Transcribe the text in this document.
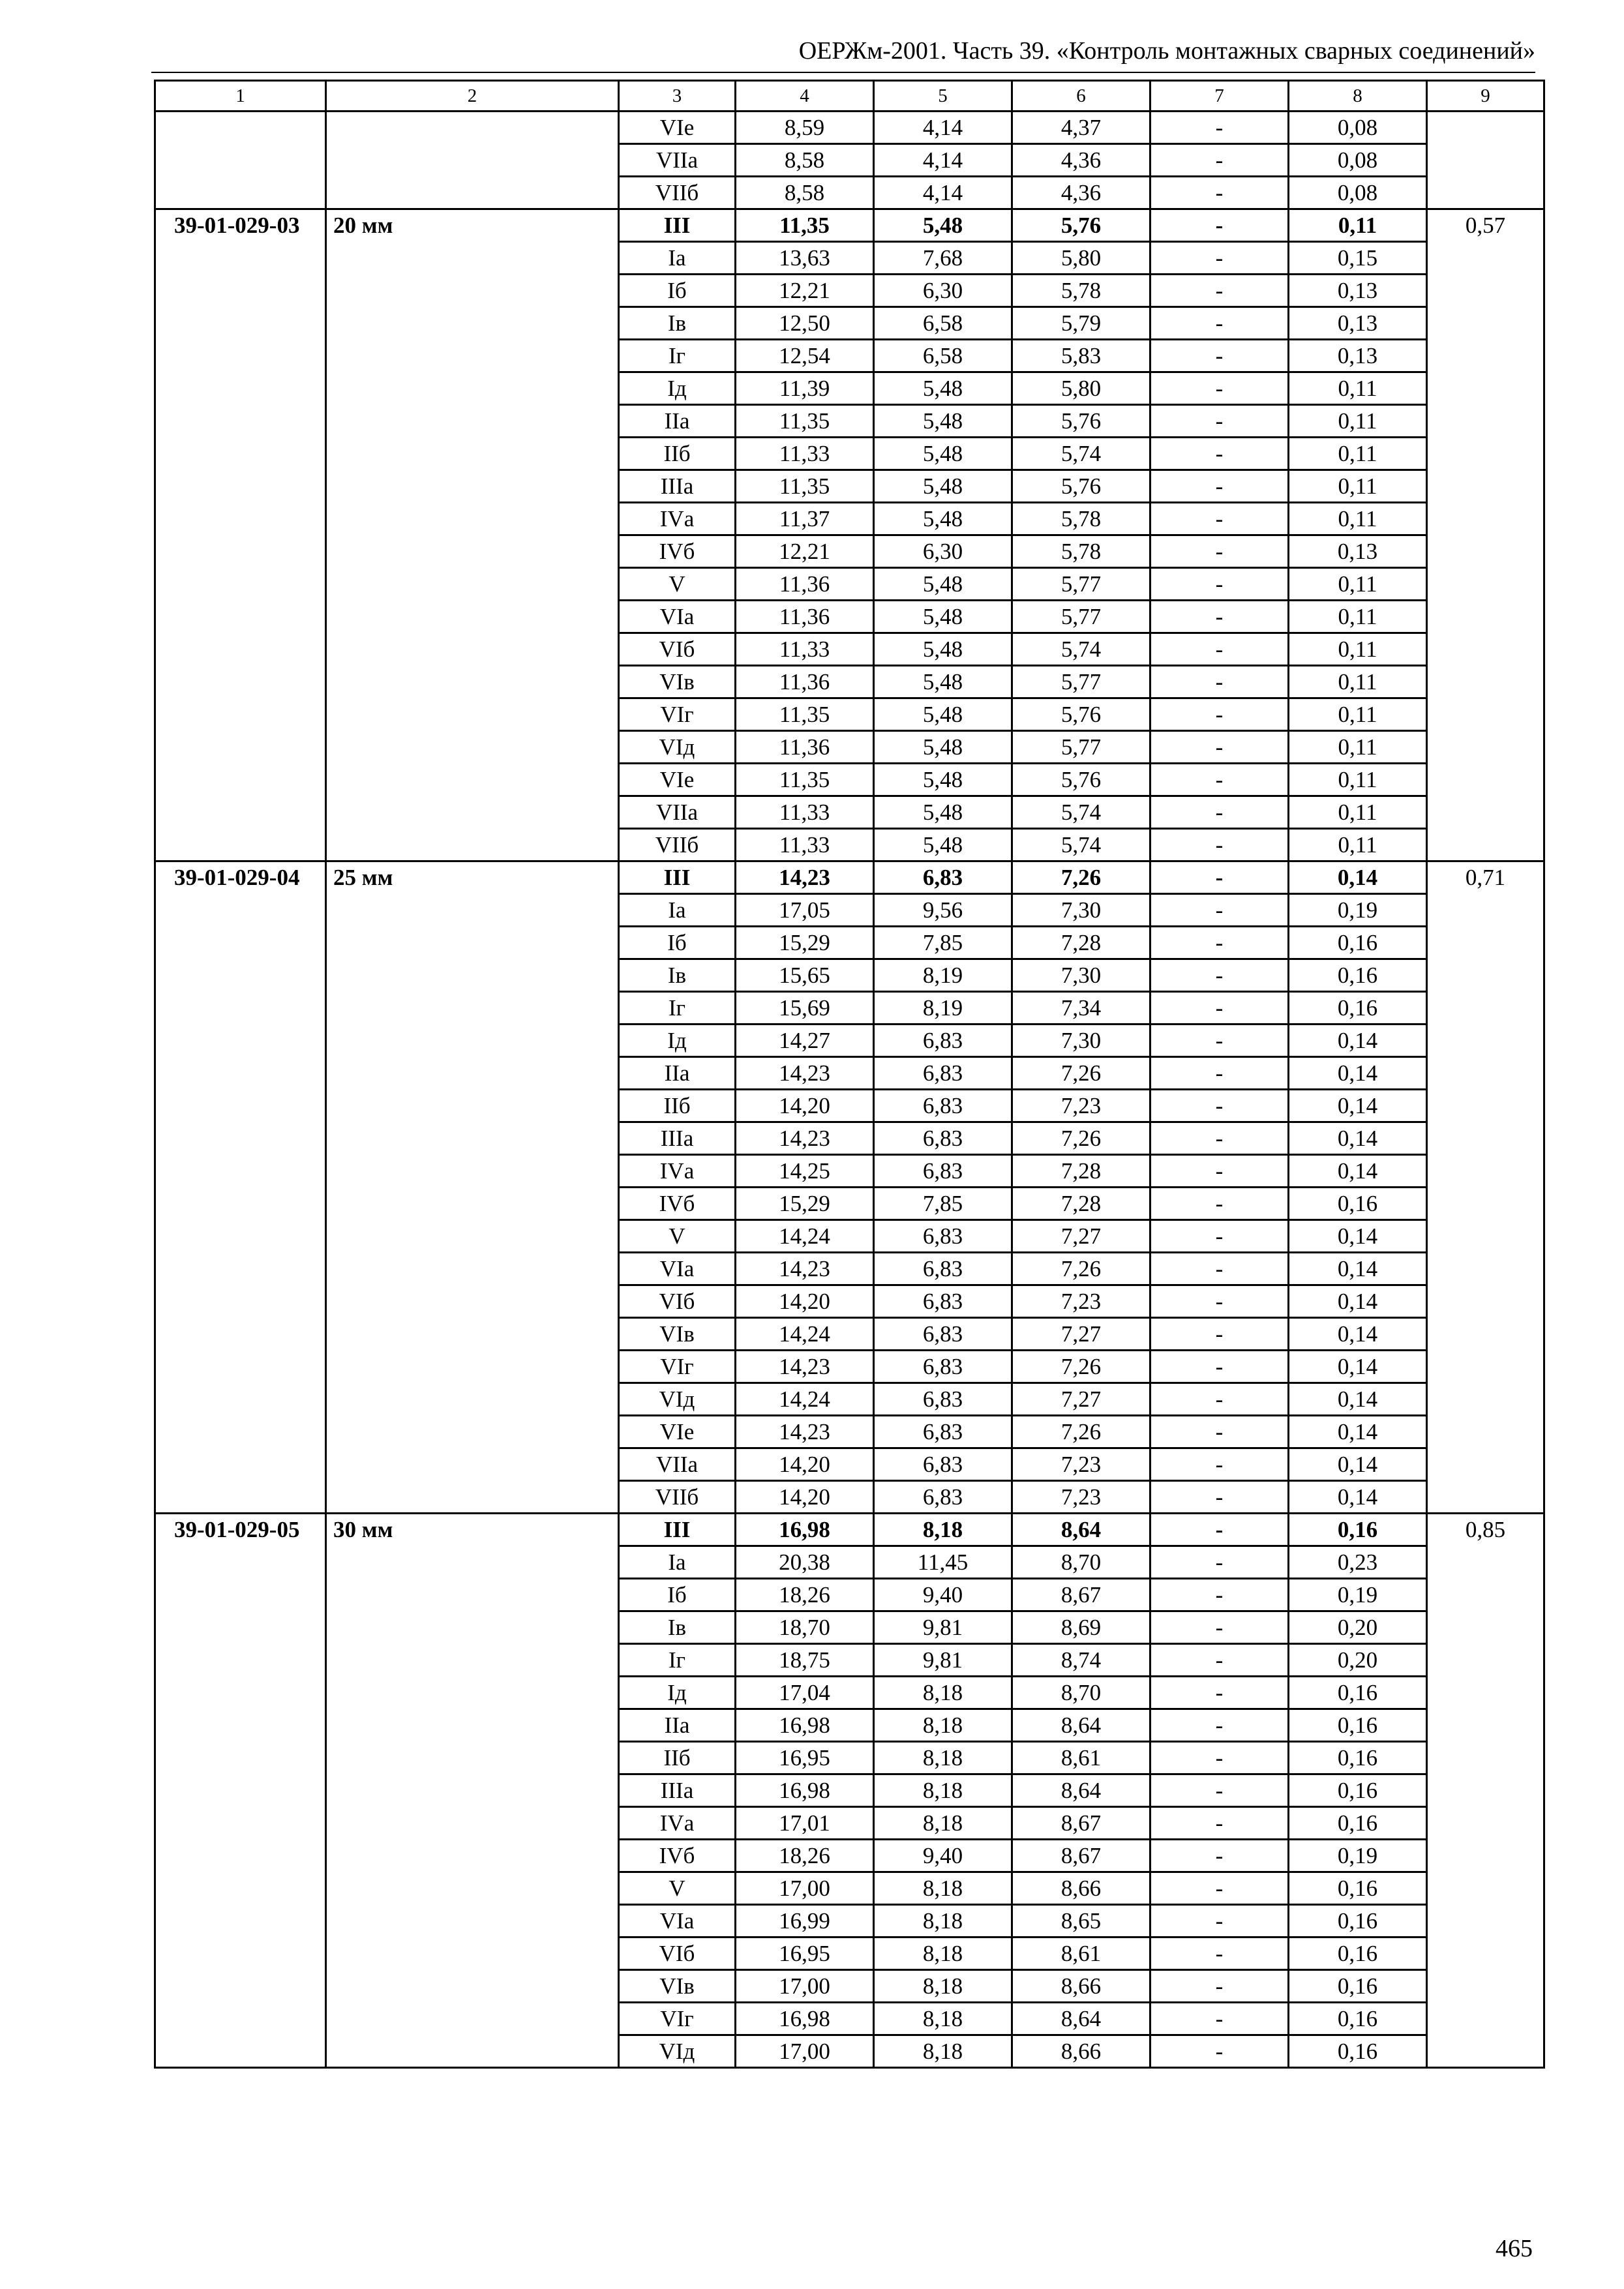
ОЕРЖм-2001. Часть 39. «Контроль монтажных сварных соединений»
1	2	3	4	5	6	7	8	9
		VIе	8,59	4,14	4,37	-	0,08	
		VIIа	8,58	4,14	4,36	-	0,08	
		VIIб	8,58	4,14	4,36	-	0,08	
39-01-029-03	20 мм	III	11,35	5,48	5,76	-	0,11	0,57
		Iа	13,63	7,68	5,80	-	0,15	
		Iб	12,21	6,30	5,78	-	0,13	
		Iв	12,50	6,58	5,79	-	0,13	
		Iг	12,54	6,58	5,83	-	0,13	
		Iд	11,39	5,48	5,80	-	0,11	
		IIа	11,35	5,48	5,76	-	0,11	
		IIб	11,33	5,48	5,74	-	0,11	
		IIIа	11,35	5,48	5,76	-	0,11	
		IVа	11,37	5,48	5,78	-	0,11	
		IVб	12,21	6,30	5,78	-	0,13	
		V	11,36	5,48	5,77	-	0,11	
		VIа	11,36	5,48	5,77	-	0,11	
		VIб	11,33	5,48	5,74	-	0,11	
		VIв	11,36	5,48	5,77	-	0,11	
		VIг	11,35	5,48	5,76	-	0,11	
		VIд	11,36	5,48	5,77	-	0,11	
		VIе	11,35	5,48	5,76	-	0,11	
		VIIа	11,33	5,48	5,74	-	0,11	
		VIIб	11,33	5,48	5,74	-	0,11	
39-01-029-04	25 мм	III	14,23	6,83	7,26	-	0,14	0,71
		Iа	17,05	9,56	7,30	-	0,19	
		Iб	15,29	7,85	7,28	-	0,16	
		Iв	15,65	8,19	7,30	-	0,16	
		Iг	15,69	8,19	7,34	-	0,16	
		Iд	14,27	6,83	7,30	-	0,14	
		IIа	14,23	6,83	7,26	-	0,14	
		IIб	14,20	6,83	7,23	-	0,14	
		IIIа	14,23	6,83	7,26	-	0,14	
		IVа	14,25	6,83	7,28	-	0,14	
		IVб	15,29	7,85	7,28	-	0,16	
		V	14,24	6,83	7,27	-	0,14	
		VIа	14,23	6,83	7,26	-	0,14	
		VIб	14,20	6,83	7,23	-	0,14	
		VIв	14,24	6,83	7,27	-	0,14	
		VIг	14,23	6,83	7,26	-	0,14	
		VIд	14,24	6,83	7,27	-	0,14	
		VIе	14,23	6,83	7,26	-	0,14	
		VIIа	14,20	6,83	7,23	-	0,14	
		VIIб	14,20	6,83	7,23	-	0,14	
39-01-029-05	30 мм	III	16,98	8,18	8,64	-	0,16	0,85
		Iа	20,38	11,45	8,70	-	0,23	
		Iб	18,26	9,40	8,67	-	0,19	
		Iв	18,70	9,81	8,69	-	0,20	
		Iг	18,75	9,81	8,74	-	0,20	
		Iд	17,04	8,18	8,70	-	0,16	
		IIа	16,98	8,18	8,64	-	0,16	
		IIб	16,95	8,18	8,61	-	0,16	
		IIIа	16,98	8,18	8,64	-	0,16	
		IVа	17,01	8,18	8,67	-	0,16	
		IVб	18,26	9,40	8,67	-	0,19	
		V	17,00	8,18	8,66	-	0,16	
		VIа	16,99	8,18	8,65	-	0,16	
		VIб	16,95	8,18	8,61	-	0,16	
		VIв	17,00	8,18	8,66	-	0,16	
		VIг	16,98	8,18	8,64	-	0,16	
		VIд	17,00	8,18	8,66	-	0,16	
465
